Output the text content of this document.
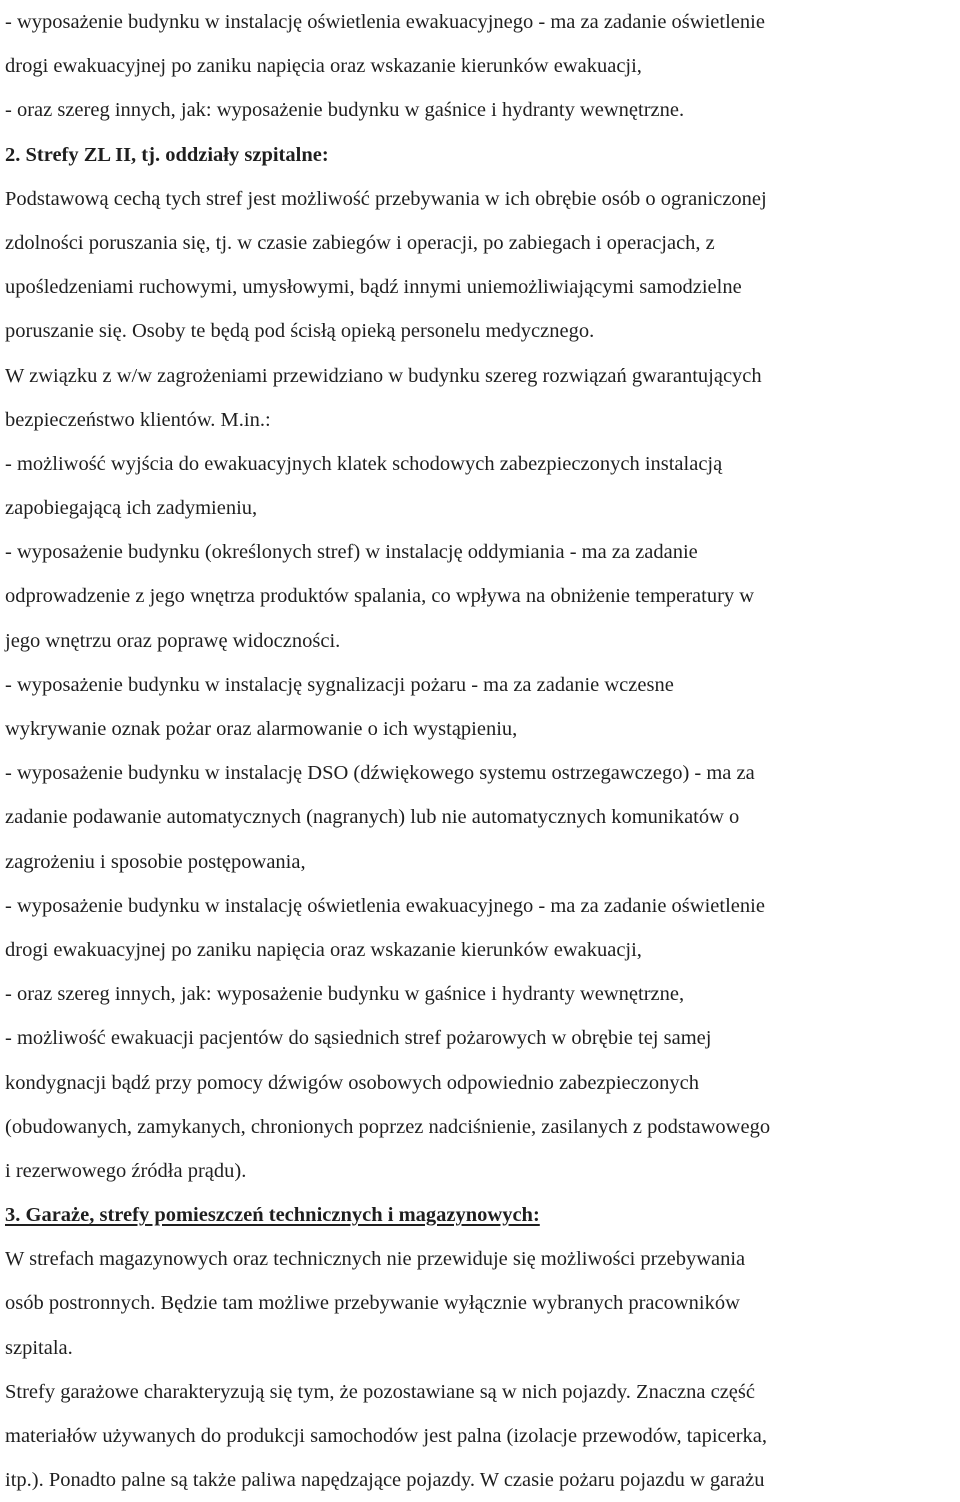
- wyposażenie budynku w instalację oświetlenia ewakuacyjnego - ma za zadanie oświetlenie
drogi ewakuacyjnej po zaniku napięcia oraz wskazanie kierunków ewakuacji,
- oraz szereg innych, jak: wyposażenie budynku w gaśnice i hydranty wewnętrzne.
2. Strefy ZL II, tj. oddziały szpitalne:
Podstawową cechą tych stref jest możliwość przebywania w ich obrębie osób o ograniczonej
zdolności poruszania się, tj. w czasie zabiegów i operacji, po zabiegach i operacjach, z
upośledzeniami ruchowymi, umysłowymi, bądź innymi uniemożliwiającymi samodzielne
poruszanie się. Osoby te będą pod ścisłą opieką personelu medycznego.
W związku z w/w zagrożeniami przewidziano w budynku szereg rozwiązań gwarantujących
bezpieczeństwo klientów. M.in.:
- możliwość wyjścia do ewakuacyjnych klatek schodowych zabezpieczonych instalacją
zapobiegającą ich zadymieniu,
- wyposażenie budynku (określonych stref) w instalację oddymiania - ma za zadanie
odprowadzenie z jego wnętrza produktów spalania, co wpływa na obniżenie temperatury w
jego wnętrzu oraz poprawę widoczności.
- wyposażenie budynku w instalację sygnalizacji pożaru - ma za zadanie wczesne
wykrywanie oznak pożar oraz alarmowanie o ich wystąpieniu,
- wyposażenie budynku w instalację DSO (dźwiękowego systemu ostrzegawczego) - ma za
zadanie podawanie automatycznych (nagranych) lub nie automatycznych komunikatów o
zagrożeniu i sposobie postępowania,
- wyposażenie budynku w instalację oświetlenia ewakuacyjnego - ma za zadanie oświetlenie
drogi ewakuacyjnej po zaniku napięcia oraz wskazanie kierunków ewakuacji,
- oraz szereg innych, jak: wyposażenie budynku w gaśnice i hydranty wewnętrzne,
- możliwość ewakuacji pacjentów do sąsiednich stref pożarowych w obrębie tej samej
kondygnacji bądź przy pomocy dźwigów osobowych odpowiednio zabezpieczonych
(obudowanych, zamykanych, chronionych poprzez nadciśnienie, zasilanych z podstawowego
i rezerwowego źródła prądu).
3. Garaże, strefy pomieszczeń technicznych i magazynowych:
W strefach magazynowych oraz technicznych nie przewiduje się możliwości przebywania
osób postronnych. Będzie tam możliwe przebywanie wyłącznie wybranych pracowników
szpitala.
Strefy garażowe charakteryzują się tym, że pozostawiane są w nich pojazdy. Znaczna część
materiałów używanych do produkcji samochodów jest palna (izolacje przewodów, tapicerka,
itp.). Ponadto palne są także paliwa napędzające pojazdy. W czasie pożaru pojazdu w garażu
